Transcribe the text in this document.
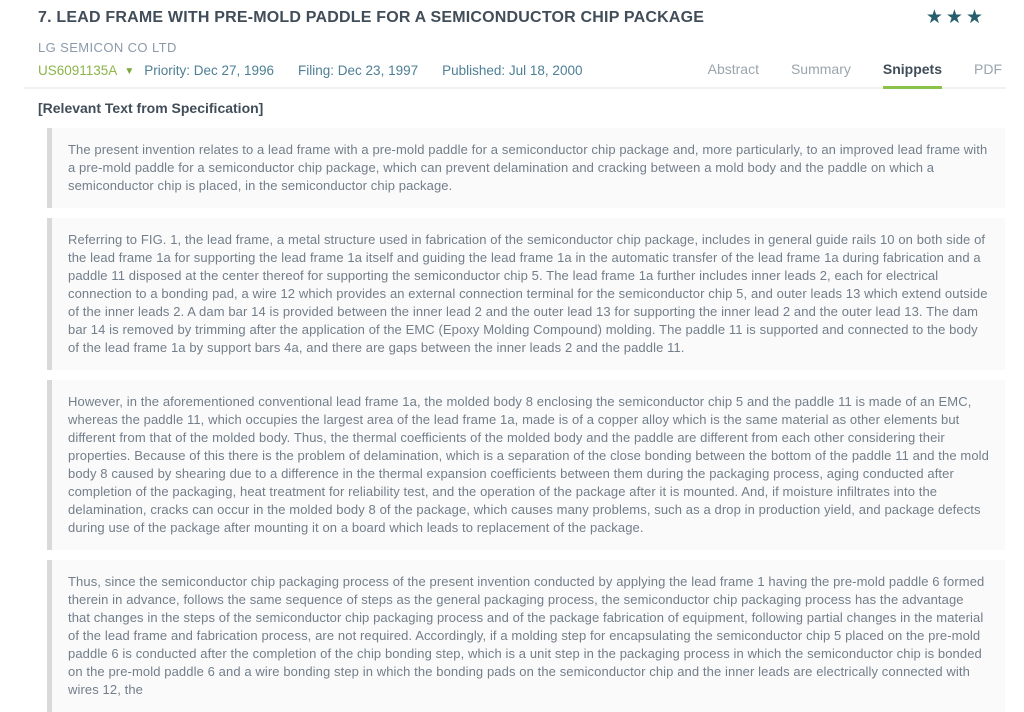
7. LEAD FRAME WITH PRE-MOLD PADDLE FOR A SEMICONDUCTOR CHIP PACKAGE	★★★
LG SEMICON CO LTD
US6091135A ▼ Priority: Dec 27, 1996 Filing: Dec 23, 1997 Published: Jul 18, 2000	Abstract Summary Snippets PDF
[Relevant Text from Specification]
The present invention relates to a lead frame with a pre-mold paddle for a semiconductor chip package and, more particularly, to an improved lead frame with a pre-mold paddle for a semiconductor chip package, which can prevent delamination and cracking between a mold body and the paddle on which a semiconductor chip is placed, in the semiconductor chip package.
Referring to FIG. 1, the lead frame, a metal structure used in fabrication of the semiconductor chip package, includes in general guide rails 10 on both side of the lead frame 1a for supporting the lead frame 1a itself and guiding the lead frame 1a in the automatic transfer of the lead frame 1a during fabrication and a paddle 11 disposed at the center thereof for supporting the semiconductor chip 5. The lead frame 1a further includes inner leads 2, each for electrical connection to a bonding pad, a wire 12 which provides an external connection terminal for the semiconductor chip 5, and outer leads 13 which extend outside of the inner leads 2. A dam bar 14 is provided between the inner lead 2 and the outer lead 13 for supporting the inner lead 2 and the outer lead 13. The dam bar 14 is removed by trimming after the application of the EMC (Epoxy Molding Compound) molding. The paddle 11 is supported and connected to the body of the lead frame 1a by support bars 4a, and there are gaps between the inner leads 2 and the paddle 11.
However, in the aforementioned conventional lead frame 1a, the molded body 8 enclosing the semiconductor chip 5 and the paddle 11 is made of an EMC, whereas the paddle 11, which occupies the largest area of the lead frame 1a, made is of a copper alloy which is the same material as other elements but different from that of the molded body. Thus, the thermal coefficients of the molded body and the paddle are different from each other considering their properties. Because of this there is the problem of delamination, which is a separation of the close bonding between the bottom of the paddle 11 and the mold body 8 caused by shearing due to a difference in the thermal expansion coefficients between them during the packaging process, aging conducted after completion of the packaging, heat treatment for reliability test, and the operation of the package after it is mounted. And, if moisture infiltrates into the delamination, cracks can occur in the molded body 8 of the package, which causes many problems, such as a drop in production yield, and package defects during use of the package after mounting it on a board which leads to replacement of the package.
Thus, since the semiconductor chip packaging process of the present invention conducted by applying the lead frame 1 having the pre-mold paddle 6 formed therein in advance, follows the same sequence of steps as the general packaging process, the semiconductor chip packaging process has the advantage that changes in the steps of the semiconductor chip packaging process and of the package fabrication of equipment, following partial changes in the material of the lead frame and fabrication process, are not required. Accordingly, if a molding step for encapsulating the semiconductor chip 5 placed on the pre-mold paddle 6 is conducted after the completion of the chip bonding step, which is a unit step in the packaging process in which the semiconductor chip is bonded on the pre-mold paddle 6 and a wire bonding step in which the bonding pads on the semiconductor chip and the inner leads are electrically connected with wires 12, the
